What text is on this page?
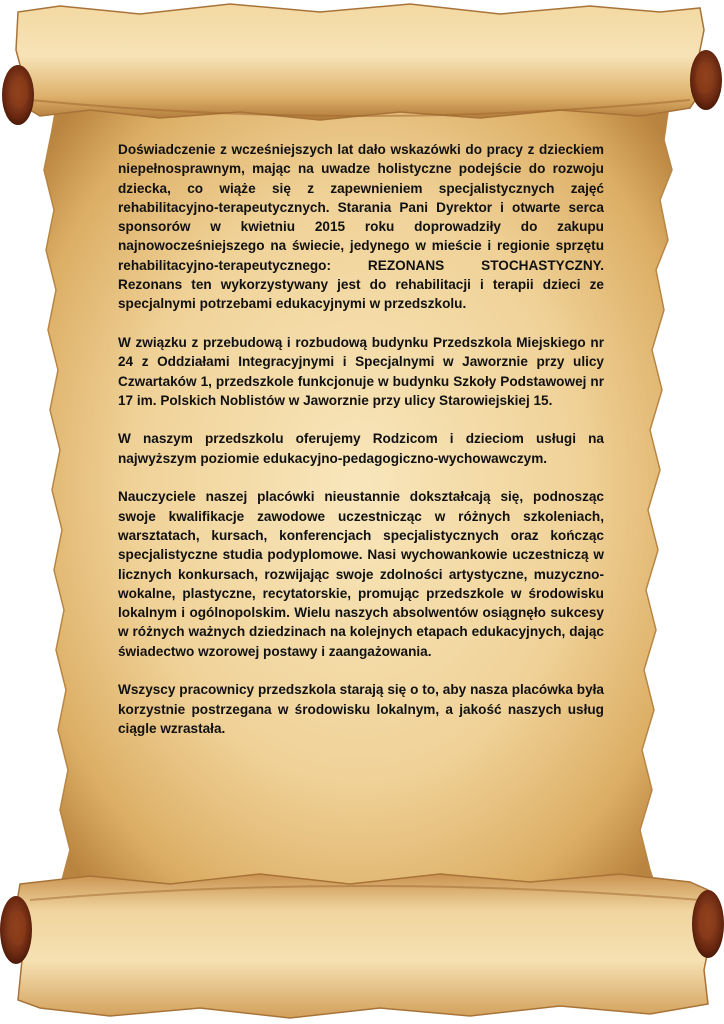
Doświadczenie z wcześniejszych lat dało wskazówki do pracy z dzieckiem niepełnosprawnym, mając na uwadze holistyczne podejście do rozwoju dziecka, co wiąże się z zapewnieniem specjalistycznych zajęć rehabilitacyjno-terapeutycznych. Starania Pani Dyrektor i otwarte serca sponsorów w kwietniu 2015 roku doprowadziły do zakupu najnowocześniejszego na świecie, jedynego w mieście i regionie sprzętu rehabilitacyjno-terapeutycznego: REZONANS STOCHASTYCZNY. Rezonans ten wykorzystywany jest do rehabilitacji i terapii dzieci ze specjalnymi potrzebami edukacyjnymi w przedszkolu.

W związku z przebudową i rozbudową budynku Przedszkola Miejskiego nr 24 z Oddziałami Integracyjnymi i Specjalnymi w Jaworznie przy ulicy Czwartaków 1, przedszkole funkcjonuje w budynku Szkoły Podstawowej nr 17 im. Polskich Noblistów w Jaworznie przy ulicy Starowiejskiej 15.

W naszym przedszkolu oferujemy Rodzicom i dzieciom usługi na najwyższym poziomie edukacyjno-pedagogiczno-wychowawczym.

Nauczyciele naszej placówki nieustannie dokształcają się, podnosząc swoje kwalifikacje zawodowe uczestnicząc w różnych szkoleniach, warsztatach, kursach, konferencjach specjalistycznych oraz kończąc specjalistyczne studia podyplomowe. Nasi wychowankowie uczestniczą w licznych konkursach, rozwijając swoje zdolności artystyczne, muzyczno-wokalne, plastyczne, recytatorskie, promując przedszkole w środowisku lokalnym i ogólnopolskim. Wielu naszych absolwentów osiągnęło sukcesy w różnych ważnych dziedzinach na kolejnych etapach edukacyjnych, dając świadectwo wzorowej postawy i zaangażowania.

Wszyscy pracownicy przedszkola starają się o to, aby nasza placówka była korzystnie postrzegana w środowisku lokalnym, a jakość naszych usług ciągle wzrastała.
